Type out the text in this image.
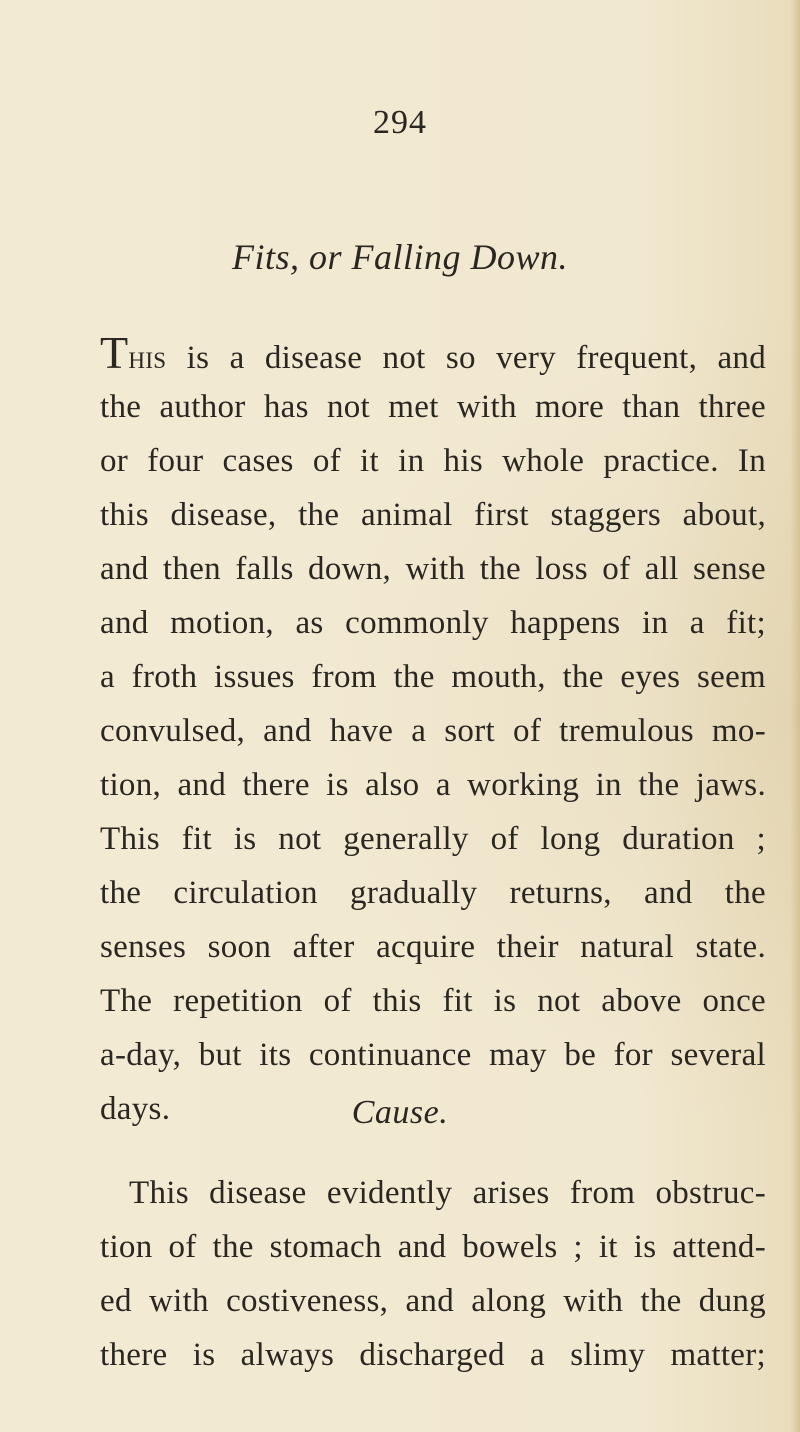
294
Fits, or Falling Down.
This is a disease not so very frequent, and
the author has not met with more than three
or four cases of it in his whole practice. In
this disease, the animal first staggers about,
and then falls down, with the loss of all sense
and motion, as commonly happens in a fit;
a froth issues from the mouth, the eyes seem
convulsed, and have a sort of tremulous mo-
tion, and there is also a working in the jaws.
This fit is not generally of long duration ;
the circulation gradually returns, and the
senses soon after acquire their natural state.
The repetition of this fit is not above once
a-day, but its continuance may be for several
days.	Cause.
This disease evidently arises from obstruc-
tion of the stomach and bowels ; it is attend-
ed with costiveness, and along with the dung
there is always discharged a slimy matter;
